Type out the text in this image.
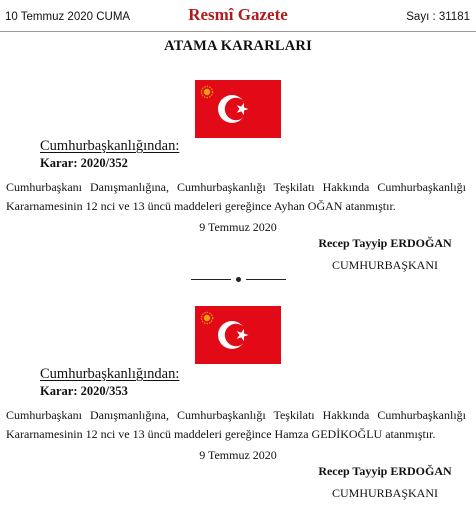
10 Temmuz 2020 CUMA	Resmî Gazete	Sayı : 31181
ATAMA KARARLARI
Cumhurbaşkanlığından:
Karar: 2020/352
Cumhurbaşkanı Danışmanlığına, Cumhurbaşkanlığı Teşkilatı Hakkında Cumhurbaşkanlığı Kararnamesinin 12 nci ve 13 üncü maddeleri gereğince Ayhan OĞAN atanmıştır.
9 Temmuz 2020
Recep Tayyip ERDOĞAN
CUMHURBAŞKANI
Cumhurbaşkanlığından:
Karar: 2020/353
Cumhurbaşkanı Danışmanlığına, Cumhurbaşkanlığı Teşkilatı Hakkında Cumhurbaşkanlığı Kararnamesinin 12 nci ve 13 üncü maddeleri gereğince Hamza GEDİKOĞLU atanmıştır.
9 Temmuz 2020
Recep Tayyip ERDOĞAN
CUMHURBAŞKANI
